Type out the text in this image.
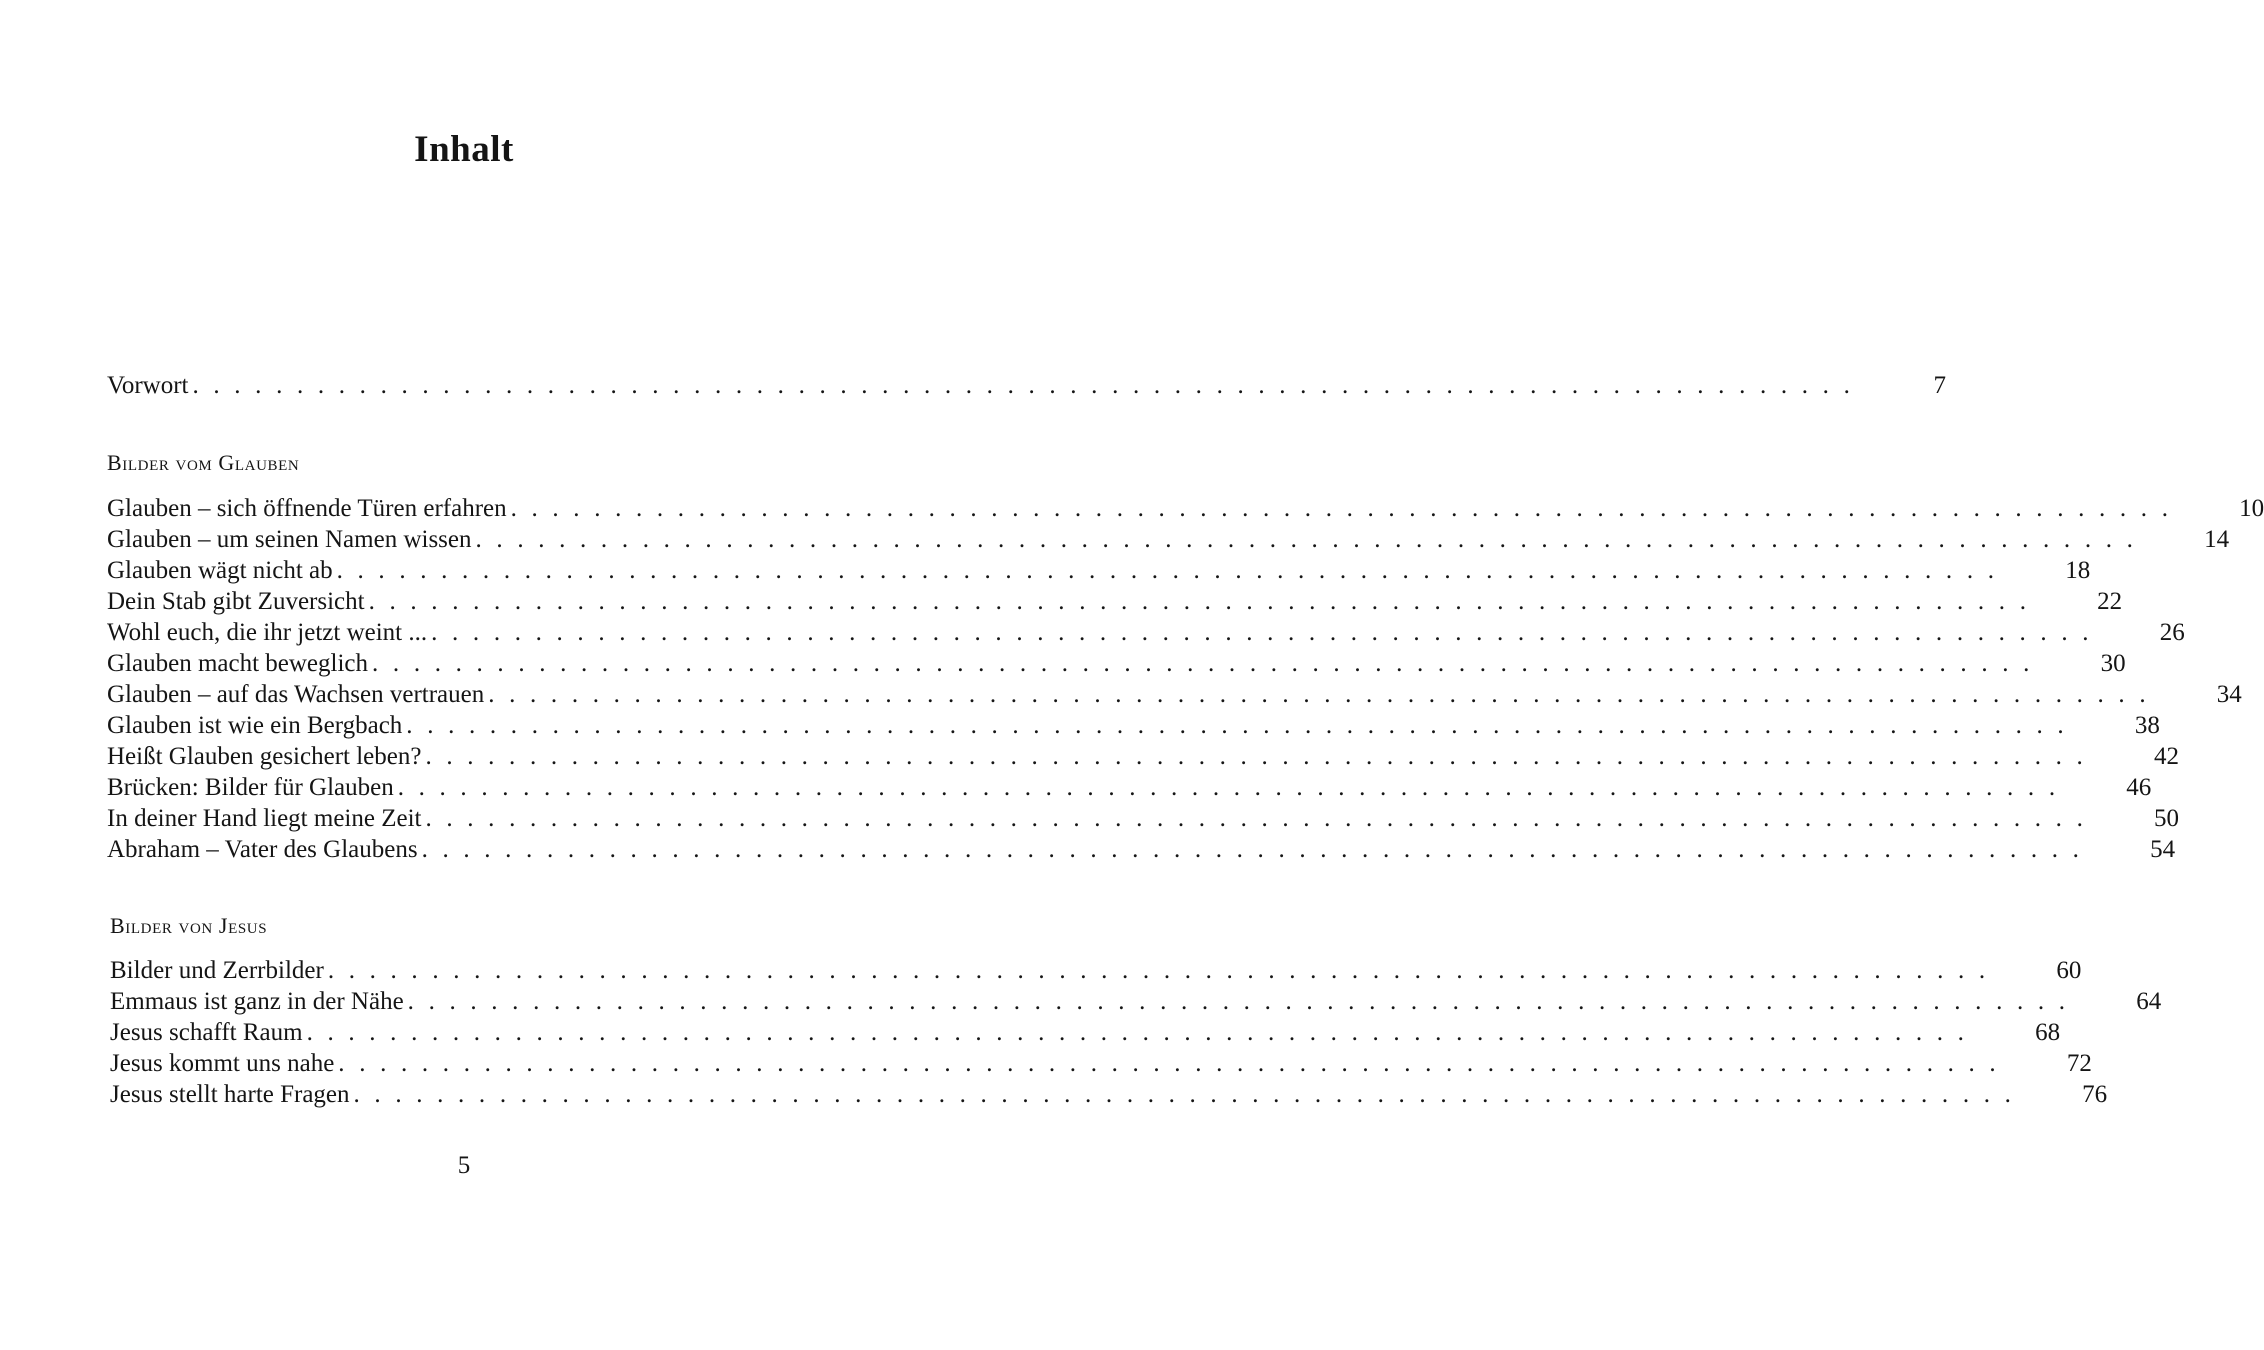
Inhalt
Vorwort . . . . . . . . . . . . . . . . . . . . . . . . . . . . . . . . . . . . . . . . . . . . . . . . . . . . . . . . . . . . . . . . . . . . . . . . . . . . . . . .	7
Bilder vom Glauben
Glauben – sich öffnende Türen erfahren . . . . . . . . . . . . . . . . . . . . . . . . . . . . . . . . . . . . . . . . . . . . . . . . . . . . . . . . . . . . . . . . . . . . . . . . . . . . . . . .	10
Glauben – um seinen Namen wissen . . . . . . . . . . . . . . . . . . . . . . . . . . . . . . . . . . . . . . . . . . . . . . . . . . . . . . . . . . . . . . . . . . . . . . . . . . . . . . . .	14
Glauben wägt nicht ab . . . . . . . . . . . . . . . . . . . . . . . . . . . . . . . . . . . . . . . . . . . . . . . . . . . . . . . . . . . . . . . . . . . . . . . . . . . . . . . .	18
Dein Stab gibt Zuversicht . . . . . . . . . . . . . . . . . . . . . . . . . . . . . . . . . . . . . . . . . . . . . . . . . . . . . . . . . . . . . . . . . . . . . . . . . . . . . . . .	22
Wohl euch, die ihr jetzt weint ... . . . . . . . . . . . . . . . . . . . . . . . . . . . . . . . . . . . . . . . . . . . . . . . . . . . . . . . . . . . . . . . . . . . . . . . . . . . . . . . .	26
Glauben macht beweglich . . . . . . . . . . . . . . . . . . . . . . . . . . . . . . . . . . . . . . . . . . . . . . . . . . . . . . . . . . . . . . . . . . . . . . . . . . . . . . . .	30
Glauben – auf das Wachsen vertrauen . . . . . . . . . . . . . . . . . . . . . . . . . . . . . . . . . . . . . . . . . . . . . . . . . . . . . . . . . . . . . . . . . . . . . . . . . . . . . . . .	34
Glauben ist wie ein Bergbach . . . . . . . . . . . . . . . . . . . . . . . . . . . . . . . . . . . . . . . . . . . . . . . . . . . . . . . . . . . . . . . . . . . . . . . . . . . . . . . .	38
Heißt Glauben gesichert leben? . . . . . . . . . . . . . . . . . . . . . . . . . . . . . . . . . . . . . . . . . . . . . . . . . . . . . . . . . . . . . . . . . . . . . . . . . . . . . . . .	42
Brücken: Bilder für Glauben . . . . . . . . . . . . . . . . . . . . . . . . . . . . . . . . . . . . . . . . . . . . . . . . . . . . . . . . . . . . . . . . . . . . . . . . . . . . . . . .	46
In deiner Hand liegt meine Zeit . . . . . . . . . . . . . . . . . . . . . . . . . . . . . . . . . . . . . . . . . . . . . . . . . . . . . . . . . . . . . . . . . . . . . . . . . . . . . . . .	50
Abraham – Vater des Glaubens . . . . . . . . . . . . . . . . . . . . . . . . . . . . . . . . . . . . . . . . . . . . . . . . . . . . . . . . . . . . . . . . . . . . . . . . . . . . . . . .	54
Bilder von Jesus
Bilder und Zerrbilder . . . . . . . . . . . . . . . . . . . . . . . . . . . . . . . . . . . . . . . . . . . . . . . . . . . . . . . . . . . . . . . . . . . . . . . . . . . . . . . .	60
Emmaus ist ganz in der Nähe . . . . . . . . . . . . . . . . . . . . . . . . . . . . . . . . . . . . . . . . . . . . . . . . . . . . . . . . . . . . . . . . . . . . . . . . . . . . . . . .	64
Jesus schafft Raum . . . . . . . . . . . . . . . . . . . . . . . . . . . . . . . . . . . . . . . . . . . . . . . . . . . . . . . . . . . . . . . . . . . . . . . . . . . . . . . .	68
Jesus kommt uns nahe . . . . . . . . . . . . . . . . . . . . . . . . . . . . . . . . . . . . . . . . . . . . . . . . . . . . . . . . . . . . . . . . . . . . . . . . . . . . . . . .	72
Jesus stellt harte Fragen . . . . . . . . . . . . . . . . . . . . . . . . . . . . . . . . . . . . . . . . . . . . . . . . . . . . . . . . . . . . . . . . . . . . . . . . . . . . . . . .	76
5
